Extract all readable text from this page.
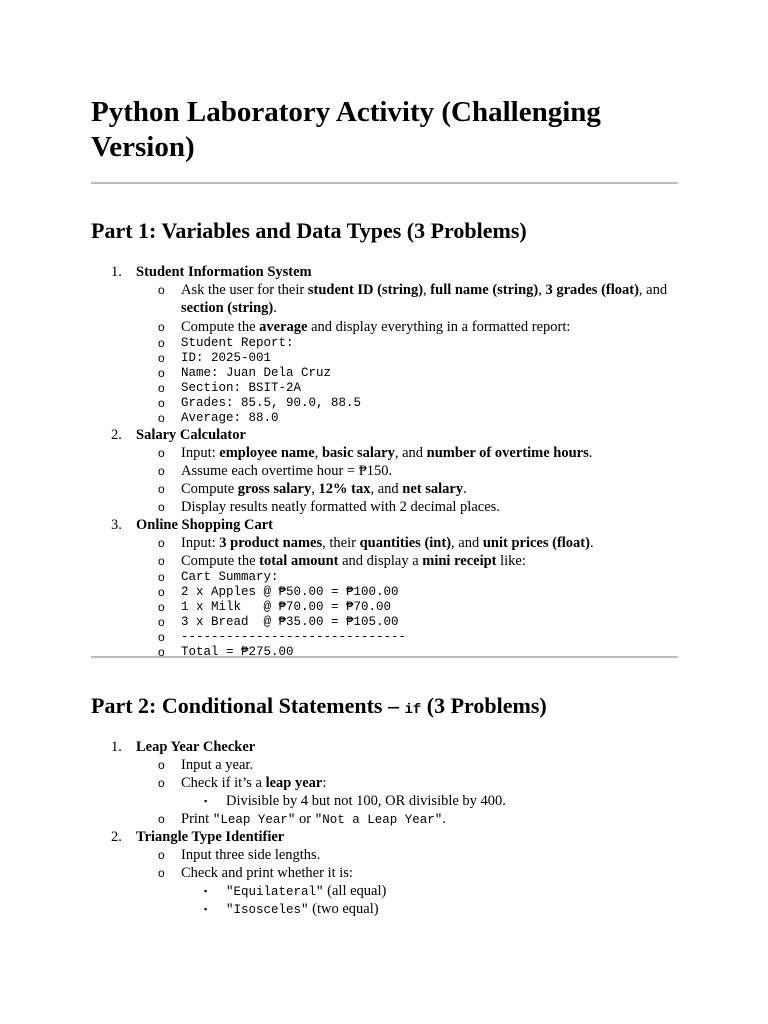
Python Laboratory Activity (Challenging Version)
Part 1: Variables and Data Types (3 Problems)
1. Student Information System
o Ask the user for their student ID (string), full name (string), 3 grades (float), and section (string).
o Compute the average and display everything in a formatted report:
o Student Report:
o ID: 2025-001
o Name: Juan Dela Cruz
o Section: BSIT-2A
o Grades: 85.5, 90.0, 88.5
o Average: 88.0
2. Salary Calculator
o Input: employee name, basic salary, and number of overtime hours.
o Assume each overtime hour = ₱150.
o Compute gross salary, 12% tax, and net salary.
o Display results neatly formatted with 2 decimal places.
3. Online Shopping Cart
o Input: 3 product names, their quantities (int), and unit prices (float).
o Compute the total amount and display a mini receipt like:
o Cart Summary:
o 2 x Apples @ ₱50.00 = ₱100.00
o 1 x Milk   @ ₱70.00 = ₱70.00
o 3 x Bread  @ ₱35.00 = ₱105.00
o ------------------------------
o Total = ₱275.00
Part 2: Conditional Statements – if (3 Problems)
1. Leap Year Checker
o Input a year.
o Check if it’s a leap year:
▪ Divisible by 4 but not 100, OR divisible by 400.
o Print "Leap Year" or "Not a Leap Year".
2. Triangle Type Identifier
o Input three side lengths.
o Check and print whether it is:
▪ "Equilateral" (all equal)
▪ "Isosceles" (two equal)
